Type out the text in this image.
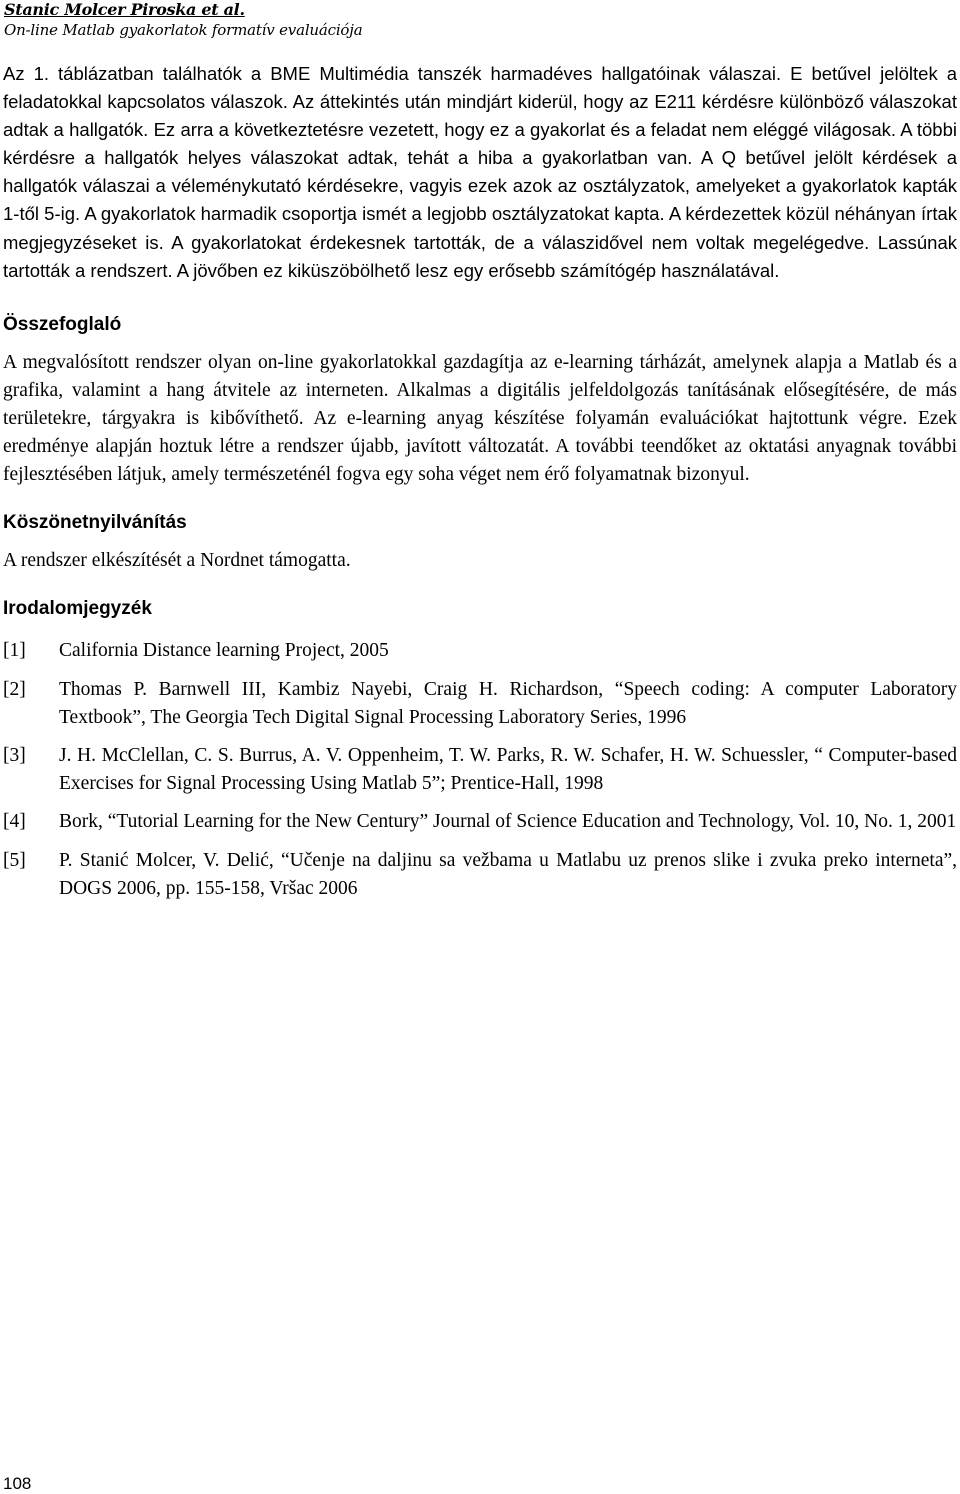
Stanic Molcer Piroska et al.
On-line Matlab gyakorlatok formatív evaluációja

Az 1. táblázatban találhatók a BME Multimédia tanszék harmadéves hallgatóinak válaszai. E betűvel jelöltek a feladatokkal kapcsolatos válaszok. Az áttekintés után mindjárt kiderül, hogy az E211 kérdésre különböző válaszokat adtak a hallgatók. Ez arra a következtetésre vezetett, hogy ez a gyakorlat és a feladat nem eléggé világosak. A többi kérdésre a hallgatók helyes válaszokat adtak, tehát a hiba a gyakorlatban van. A Q betűvel jelölt kérdések a hallgatók válaszai a véleménykutató kérdésekre, vagyis ezek azok az osztályzatok, amelyeket a gyakorlatok kapták 1-től 5-ig. A gyakorlatok harmadik csoportja ismét a legjobb osztályzatokat kapta. A kérdezettek közül néhányan írtak megjegyzéseket is. A gyakorlatokat érdekesnek tartották, de a válaszidővel nem voltak megelégedve. Lassúnak tartották a rendszert. A jövőben ez kiküszöbölhető lesz egy erősebb számítógép használatával.

Összefoglaló

A megvalósított rendszer olyan on-line gyakorlatokkal gazdagítja az e-learning tárházát, amelynek alapja a Matlab és a grafika, valamint a hang átvitele az interneten. Alkalmas a digitális jelfeldolgozás tanításának elősegítésére, de más területekre, tárgyakra is kibővíthető. Az e-learning anyag készítése folyamán evaluációkat hajtottunk végre. Ezek eredménye alapján hoztuk létre a rendszer újabb, javított változatát. A további teendőket az oktatási anyagnak további fejlesztésében látjuk, amely természeténél fogva egy soha véget nem érő folyamatnak bizonyul.

Köszönetnyilvánítás

A rendszer elkészítését a Nordnet támogatta.

Irodalomjegyzék

[1]	California Distance learning Project, 2005
[2]	Thomas P. Barnwell III, Kambiz Nayebi, Craig H. Richardson, “Speech coding: A computer Laboratory Textbook”, The Georgia Tech Digital Signal Processing Laboratory Series, 1996
[3]	J. H. McClellan, C. S. Burrus, A. V. Oppenheim, T. W. Parks, R. W. Schafer, H. W. Schuessler, “ Computer-based Exercises for Signal Processing Using Matlab 5”; Prentice-Hall, 1998
[4]	Bork, “Tutorial Learning for the New Century” Journal of Science Education and Technology, Vol. 10, No. 1, 2001
[5]	P. Stanić Molcer, V. Delić, “Učenje na daljinu sa vežbama u Matlabu uz prenos slike i zvuka preko interneta”, DOGS 2006, pp. 155-158, Vršac 2006
108
